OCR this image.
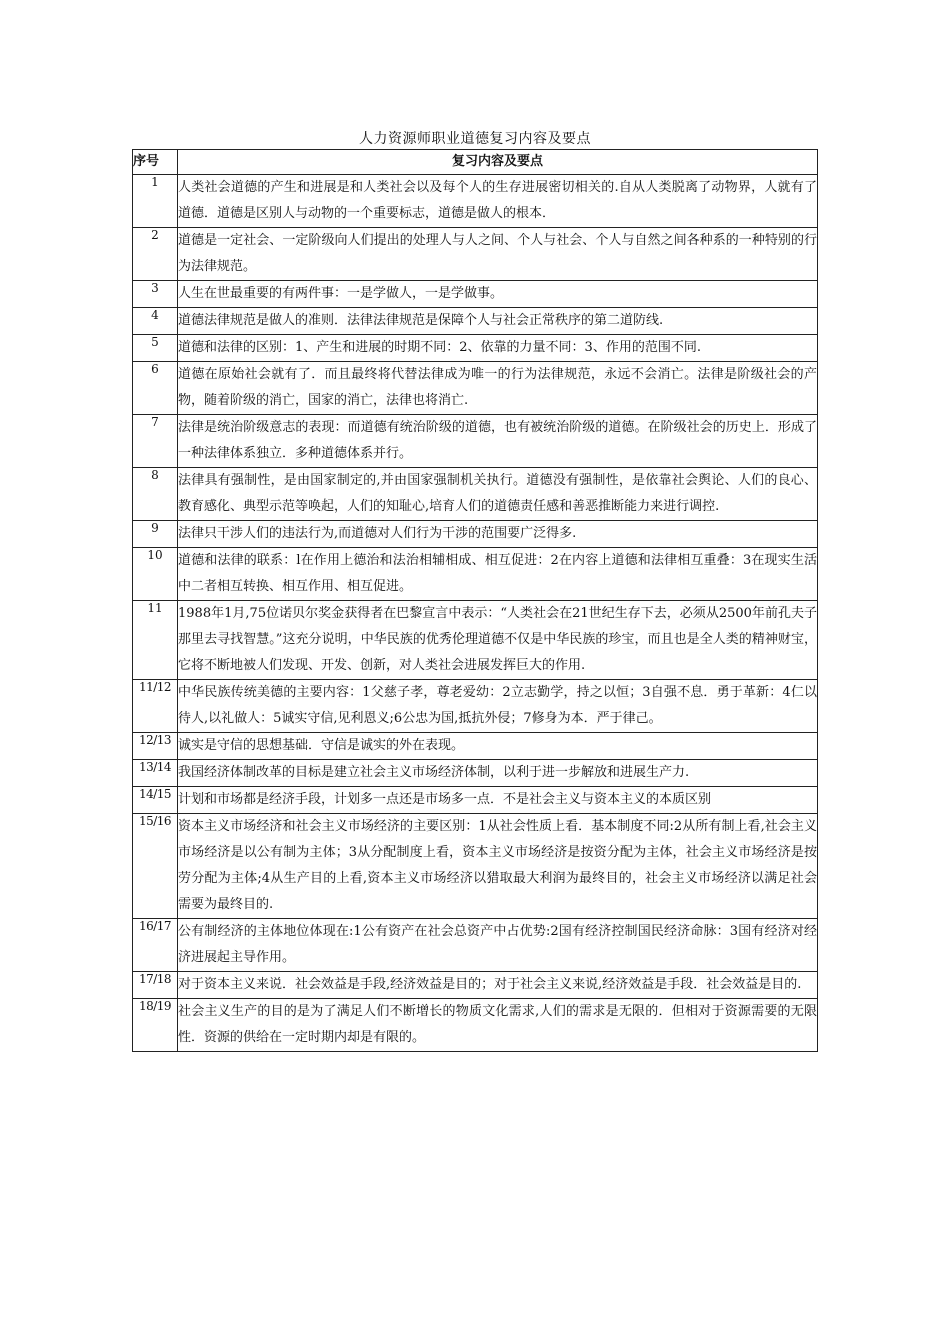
人力资源师职业道德复习内容及要点
序号	复习内容及要点
1	人类社会道德的产生和进展是和人类社会以及每个人的生存进展密切相关的.自从人类脱离了动物界，人就有了道德．道德是区别人与动物的一个重要标志，道德是做人的根本．
2	道德是一定社会、一定阶级向人们提出的处理人与人之间、个人与社会、个人与自然之间各种系的一种特别的行为法律规范。
3	人生在世最重要的有两件事：一是学做人，一是学做事。
4	道德法律规范是做人的准则．法律法律规范是保障个人与社会正常秩序的第二道防线.
5	道德和法律的区别：1、产生和进展的时期不同：2、依靠的力量不同：3、作用的范围不同.
6	道德在原始社会就有了．而且最终将代替法律成为唯一的行为法律规范，永远不会消亡。法律是阶级社会的产物，随着阶级的消亡，国家的消亡，法律也将消亡.
7	法律是统治阶级意志的表现：而道德有统治阶级的道德，也有被统治阶级的道德。在阶级社会的历史上．形成了一种法律体系独立．多种道德体系并行。
8	法律具有强制性，是由国家制定的,并由国家强制机关执行。道德没有强制性，是依靠社会舆论、人们的良心、教育感化、典型示范等唤起，人们的知耻心,培育人们的道德责任感和善恶推断能力来进行调控.
9	法律只干涉人们的违法行为,而道德对人们行为干涉的范围要广泛得多.
10	道德和法律的联系：l在作用上德治和法治相辅相成、相互促进：2在内容上道德和法律相互重叠：3在现实生活中二者相互转换、相互作用、相互促进。
11	1988年1月,75位诺贝尔奖金获得者在巴黎宣言中表示：“人类社会在21世纪生存下去，必须从2500年前孔夫子那里去寻找智慧。”这充分说明，中华民族的优秀伦理道德不仅是中华民族的珍宝，而且也是全人类的精神财宝，它将不断地被人们发现、开发、创新，对人类社会进展发挥巨大的作用.
11/12	中华民族传统美德的主要内容：1父慈子孝，尊老爱幼：2立志勤学，持之以恒；3自强不息．勇于革新：4仁以待人,以礼做人：5诚实守信,见利恩义;6公忠为国,抵抗外侵；7修身为本．严于律己。
12/13	诚实是守信的思想基础．守信是诚实的外在表现。
13/14	我国经济体制改革的目标是建立社会主义市场经济体制，以利于进一步解放和进展生产力.
14/15	计划和市场都是经济手段，计划多一点还是市场多一点．不是社会主义与资本主义的本质区别
15/16	资本主义市场经济和社会主义市场经济的主要区别：1从社会性质上看．基本制度不同:2从所有制上看,社会主义市场经济是以公有制为主体；3从分配制度上看，资本主义市场经济是按资分配为主体，社会主义市场经济是按劳分配为主体;4从生产目的上看,资本主义市场经济以猎取最大利润为最终目的，社会主义市场经济以满足社会需要为最终目的.
16/17	公有制经济的主体地位体现在:1公有资产在社会总资产中占优势:2国有经济控制国民经济命脉：3国有经济对经济进展起主导作用。
17/18	对于资本主义来说．社会效益是手段,经济效益是目的；对于社会主义来说,经济效益是手段．社会效益是目的.
18/19	社会主义生产的目的是为了满足人们不断增长的物质文化需求,人们的需求是无限的．但相对于资源需要的无限性．资源的供给在一定时期内却是有限的。
